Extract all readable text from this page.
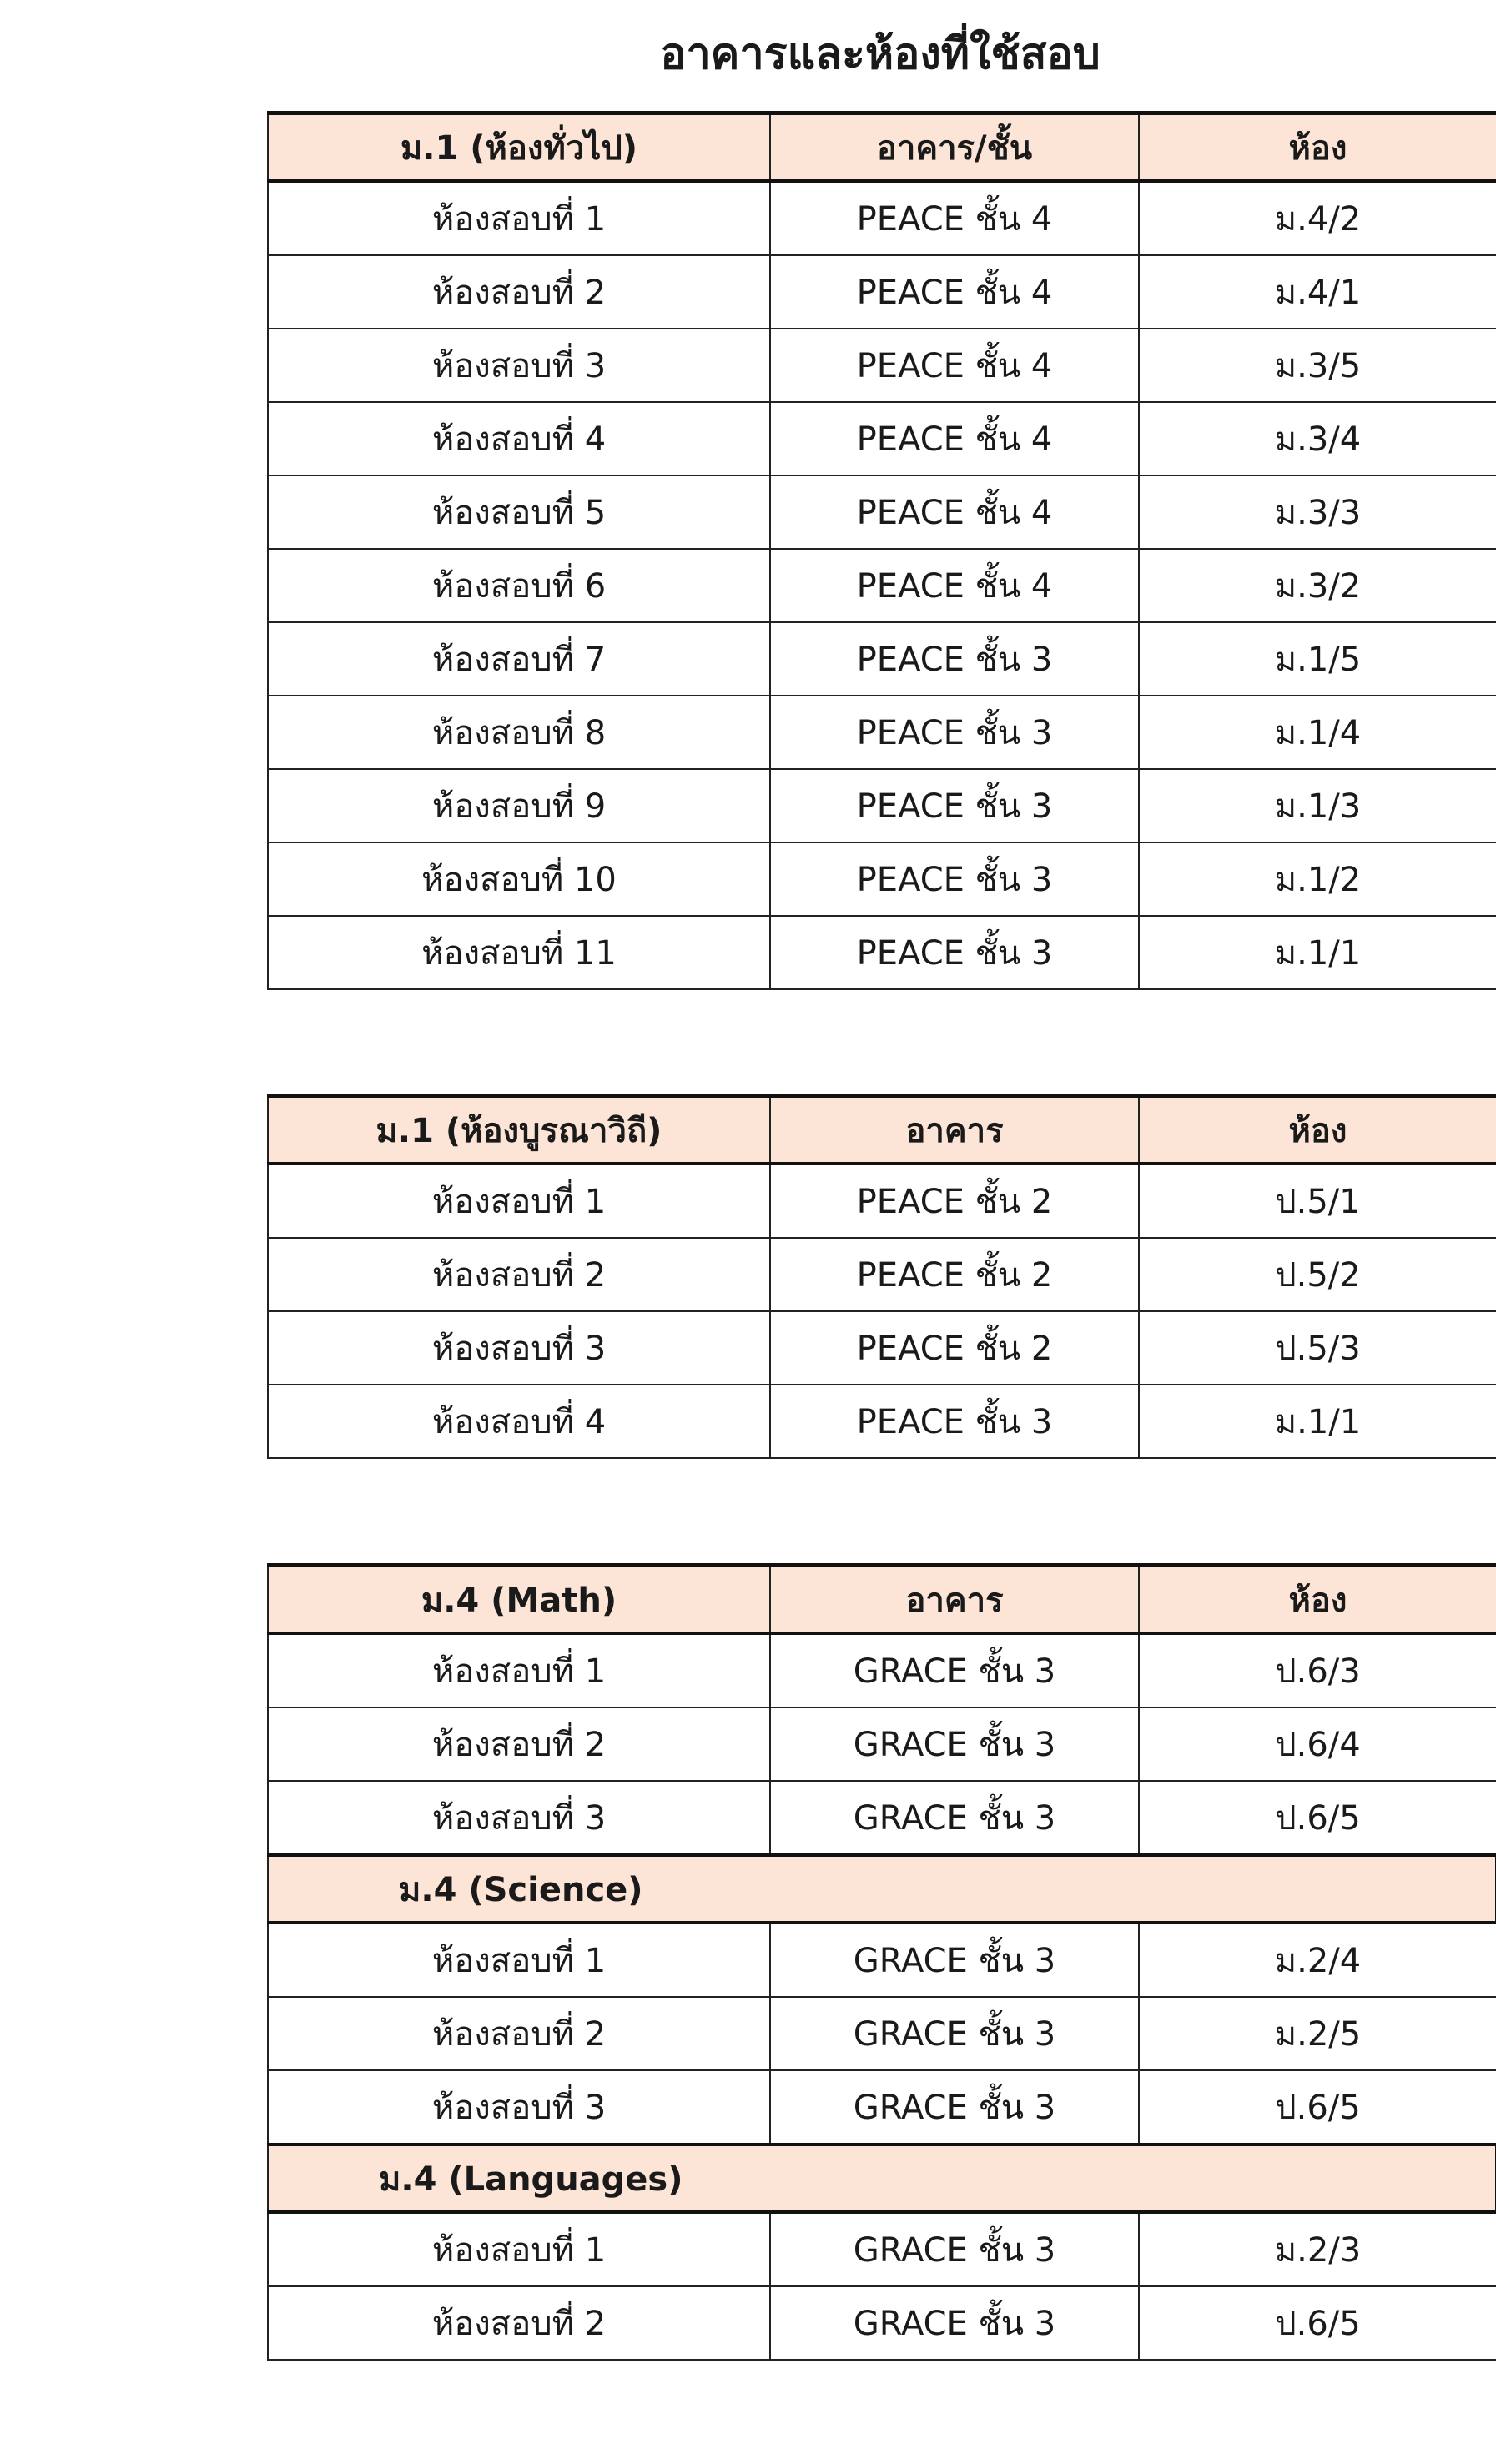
อาคารและห้องที่ใช้สอบ
ม.1 (ห้องทั่วไป)	อาคาร/ชั้น	ห้อง
ห้องสอบที่ 1	PEACE ชั้น 4	ม.4/2
ห้องสอบที่ 2	PEACE ชั้น 4	ม.4/1
ห้องสอบที่ 3	PEACE ชั้น 4	ม.3/5
ห้องสอบที่ 4	PEACE ชั้น 4	ม.3/4
ห้องสอบที่ 5	PEACE ชั้น 4	ม.3/3
ห้องสอบที่ 6	PEACE ชั้น 4	ม.3/2
ห้องสอบที่ 7	PEACE ชั้น 3	ม.1/5
ห้องสอบที่ 8	PEACE ชั้น 3	ม.1/4
ห้องสอบที่ 9	PEACE ชั้น 3	ม.1/3
ห้องสอบที่ 10	PEACE ชั้น 3	ม.1/2
ห้องสอบที่ 11	PEACE ชั้น 3	ม.1/1
ม.1 (ห้องบูรณาวิถี)	อาคาร	ห้อง
ห้องสอบที่ 1	PEACE ชั้น 2	ป.5/1
ห้องสอบที่ 2	PEACE ชั้น 2	ป.5/2
ห้องสอบที่ 3	PEACE ชั้น 2	ป.5/3
ห้องสอบที่ 4	PEACE ชั้น 3	ม.1/1
ม.4 (Math)	อาคาร	ห้อง
ห้องสอบที่ 1	GRACE ชั้น 3	ป.6/3
ห้องสอบที่ 2	GRACE ชั้น 3	ป.6/4
ห้องสอบที่ 3	GRACE ชั้น 3	ป.6/5
ม.4 (Science)		
ห้องสอบที่ 1	GRACE ชั้น 3	ม.2/4
ห้องสอบที่ 2	GRACE ชั้น 3	ม.2/5
ห้องสอบที่ 3	GRACE ชั้น 3	ป.6/5
ม.4 (Languages)		
ห้องสอบที่ 1	GRACE ชั้น 3	ม.2/3
ห้องสอบที่ 2	GRACE ชั้น 3	ป.6/5
